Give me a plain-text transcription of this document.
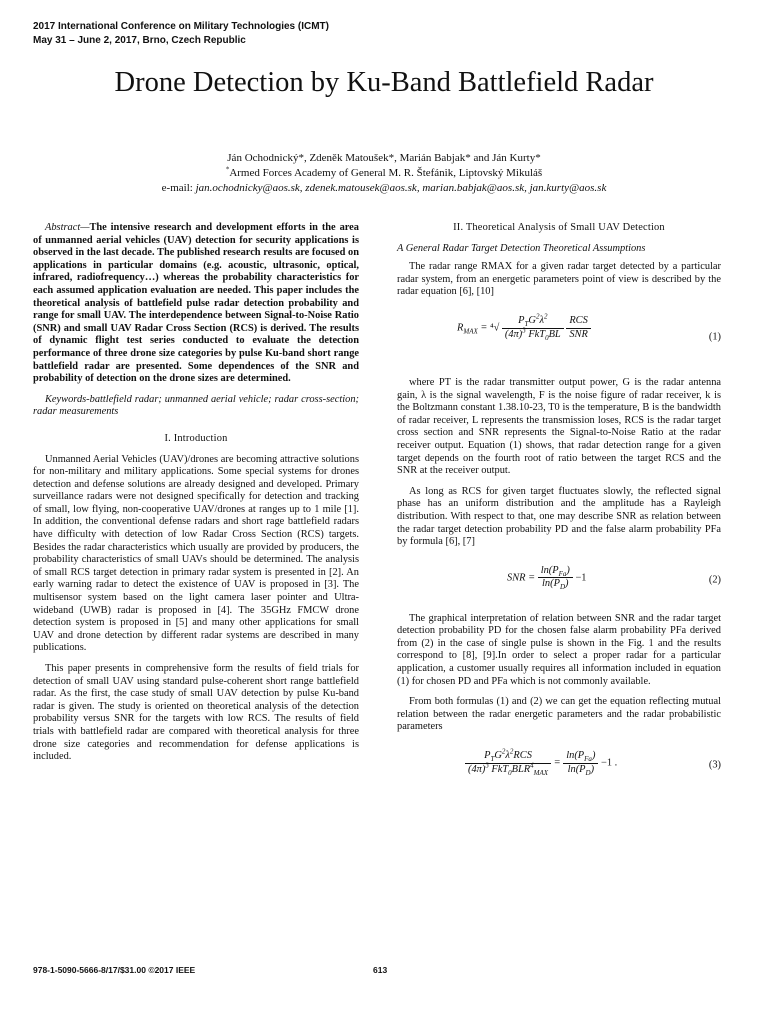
2017 International Conference on Military Technologies (ICMT)
May 31 – June 2, 2017, Brno, Czech Republic
Drone Detection by Ku-Band Battlefield Radar
Ján Ochodnický*, Zdeněk Matoušek*, Marián Babjak* and Ján Kurty*
*Armed Forces Academy of General M. R. Štefánik, Liptovský Mikuláš
e-mail: jan.ochodnicky@aos.sk, zdenek.matousek@aos.sk, marian.babjak@aos.sk, jan.kurty@aos.sk

Abstract—The intensive research and development efforts in the area of unmanned aerial vehicles (UAV) detection for security applications is observed in the last decade. The published research results are focused on applications in particular domains (e.g. acoustic, ultrasonic, optical, infrared, radiofrequency…) whereas the probability characteristics for each assumed application evaluation are needed. This paper includes the theoretical analysis of battlefield pulse radar detection probability and range for small UAV. The interdependence between Signal-to-Noise Ratio (SNR) and small UAV Radar Cross Section (RCS) is derived. The results of dynamic flight test series conducted to evaluate the detection performance of three drone size categories by pulse Ku-band short range battlefield radar are presented. Some dependences of the SNR and probability of detection on the drone sizes are determined.

Keywords-battlefield radar; unmanned aerial vehicle; radar cross-section; radar measurements

I. Introduction

Unmanned Aerial Vehicles (UAV)/drones are becoming attractive solutions for non-military and military applications. Some special systems for drones detection and defense solutions are already designed and developed. Primary surveillance radars were not designed specifically for detection and tracking of small, low flying, non-cooperative UAV/drones at ranges up to 1 mile [1]. In addition, the conventional defense radars and short rage battlefield radars have difficulty with detection of low Radar Cross Section (RCS) targets. Besides the radar characteristics which usually are provided by producers, the probability characteristics of small UAVs should be determined. The analysis of small RCS target detection in primary radar system is presented in [2]. An early warning radar to detect the existence of UAV is proposed in [3]. The multisensor system based on the light camera laser pointer and Ultra-wideband (UWB) radar is proposed in [4]. The 35GHz FMCW drone detection system is proposed in [5] and many other applications for small UAV and drone detection by different radar systems are described in many publications.

This paper presents in comprehensive form the results of field trials for detection of small UAV using standard pulse-coherent short range battlefield radar. As the first, the case study of small UAV detection by pulse Ku-band radar is given. The study is oriented on theoretical analysis of the detection probability versus SNR for the targets with low RCS. The results of field trials with battlefield radar are compared with theoretical analysis for three drone size categories and recommendation for defense applications is included.

II. Theoretical Analysis of Small UAV Detection
A General Radar Target Detection Theoretical Assumptions

The radar range RMAX for a given radar target detected by a particular radar system, from an energetic parameters point of view is described by the radar equation [6], [10]

$R_{MAX} = ^4√ \frac{P_TG^2\lambda^2}{(4\pi)^3 FkT_0BL}$
$\frac{\text{RCS}}{\text{SNR}}$	(1)

where PT is the radar transmitter output power, G is the radar antenna gain, λ is the signal wavelength, F is the noise figure of radar receiver, k is the Boltzmann constant 1.38.10-23, T0 is the temperature, B is the bandwidth of radar receiver, L represents the transmission loses, RCS is the radar target cross section and SNR represents the Signal-to-Noise Ratio at the radar receiver output. Equation (1) shows, that radar detection range for a given target depends on the fourth root of ratio between the target RCS and the SNR at the receiver output.

As long as RCS for given target fluctuates slowly, the reflected signal phase has an uniform distribution and the amplitude has a Rayleigh distribution. With respect to that, one may describe SNR as relation between the radar target detection probability PD and the false alarm probability PFa by formula [6], [7]

SNR = $\frac{\ln(P_{Fa})}{\ln(P_D)} -1$	(2)

The graphical interpretation of relation between SNR and the radar target detection probability PD for the chosen false alarm probability PFa derived from (2) in the case of single pulse is shown in the Fig. 1 and the results correspond to [8], [9].In order to select a proper radar for a particular application, a customer usually requires all information included in equation (1) for chosen PD and PFa which is not commonly available.

From both formulas (1) and (2) we can get the equation reflecting mutual relation between the radar energetic parameters and the radar probabilistic parameters

$\frac{P_TG^2\lambda^2RCS}{(4\pi)^3 FkT_0BLR^4_{MAX}} = \frac{\ln(P_{Fa})}{\ln(P_D)} -1$ .	(3)
978-1-5090-5666-8/17/$31.00 ©2017 IEEE	613
